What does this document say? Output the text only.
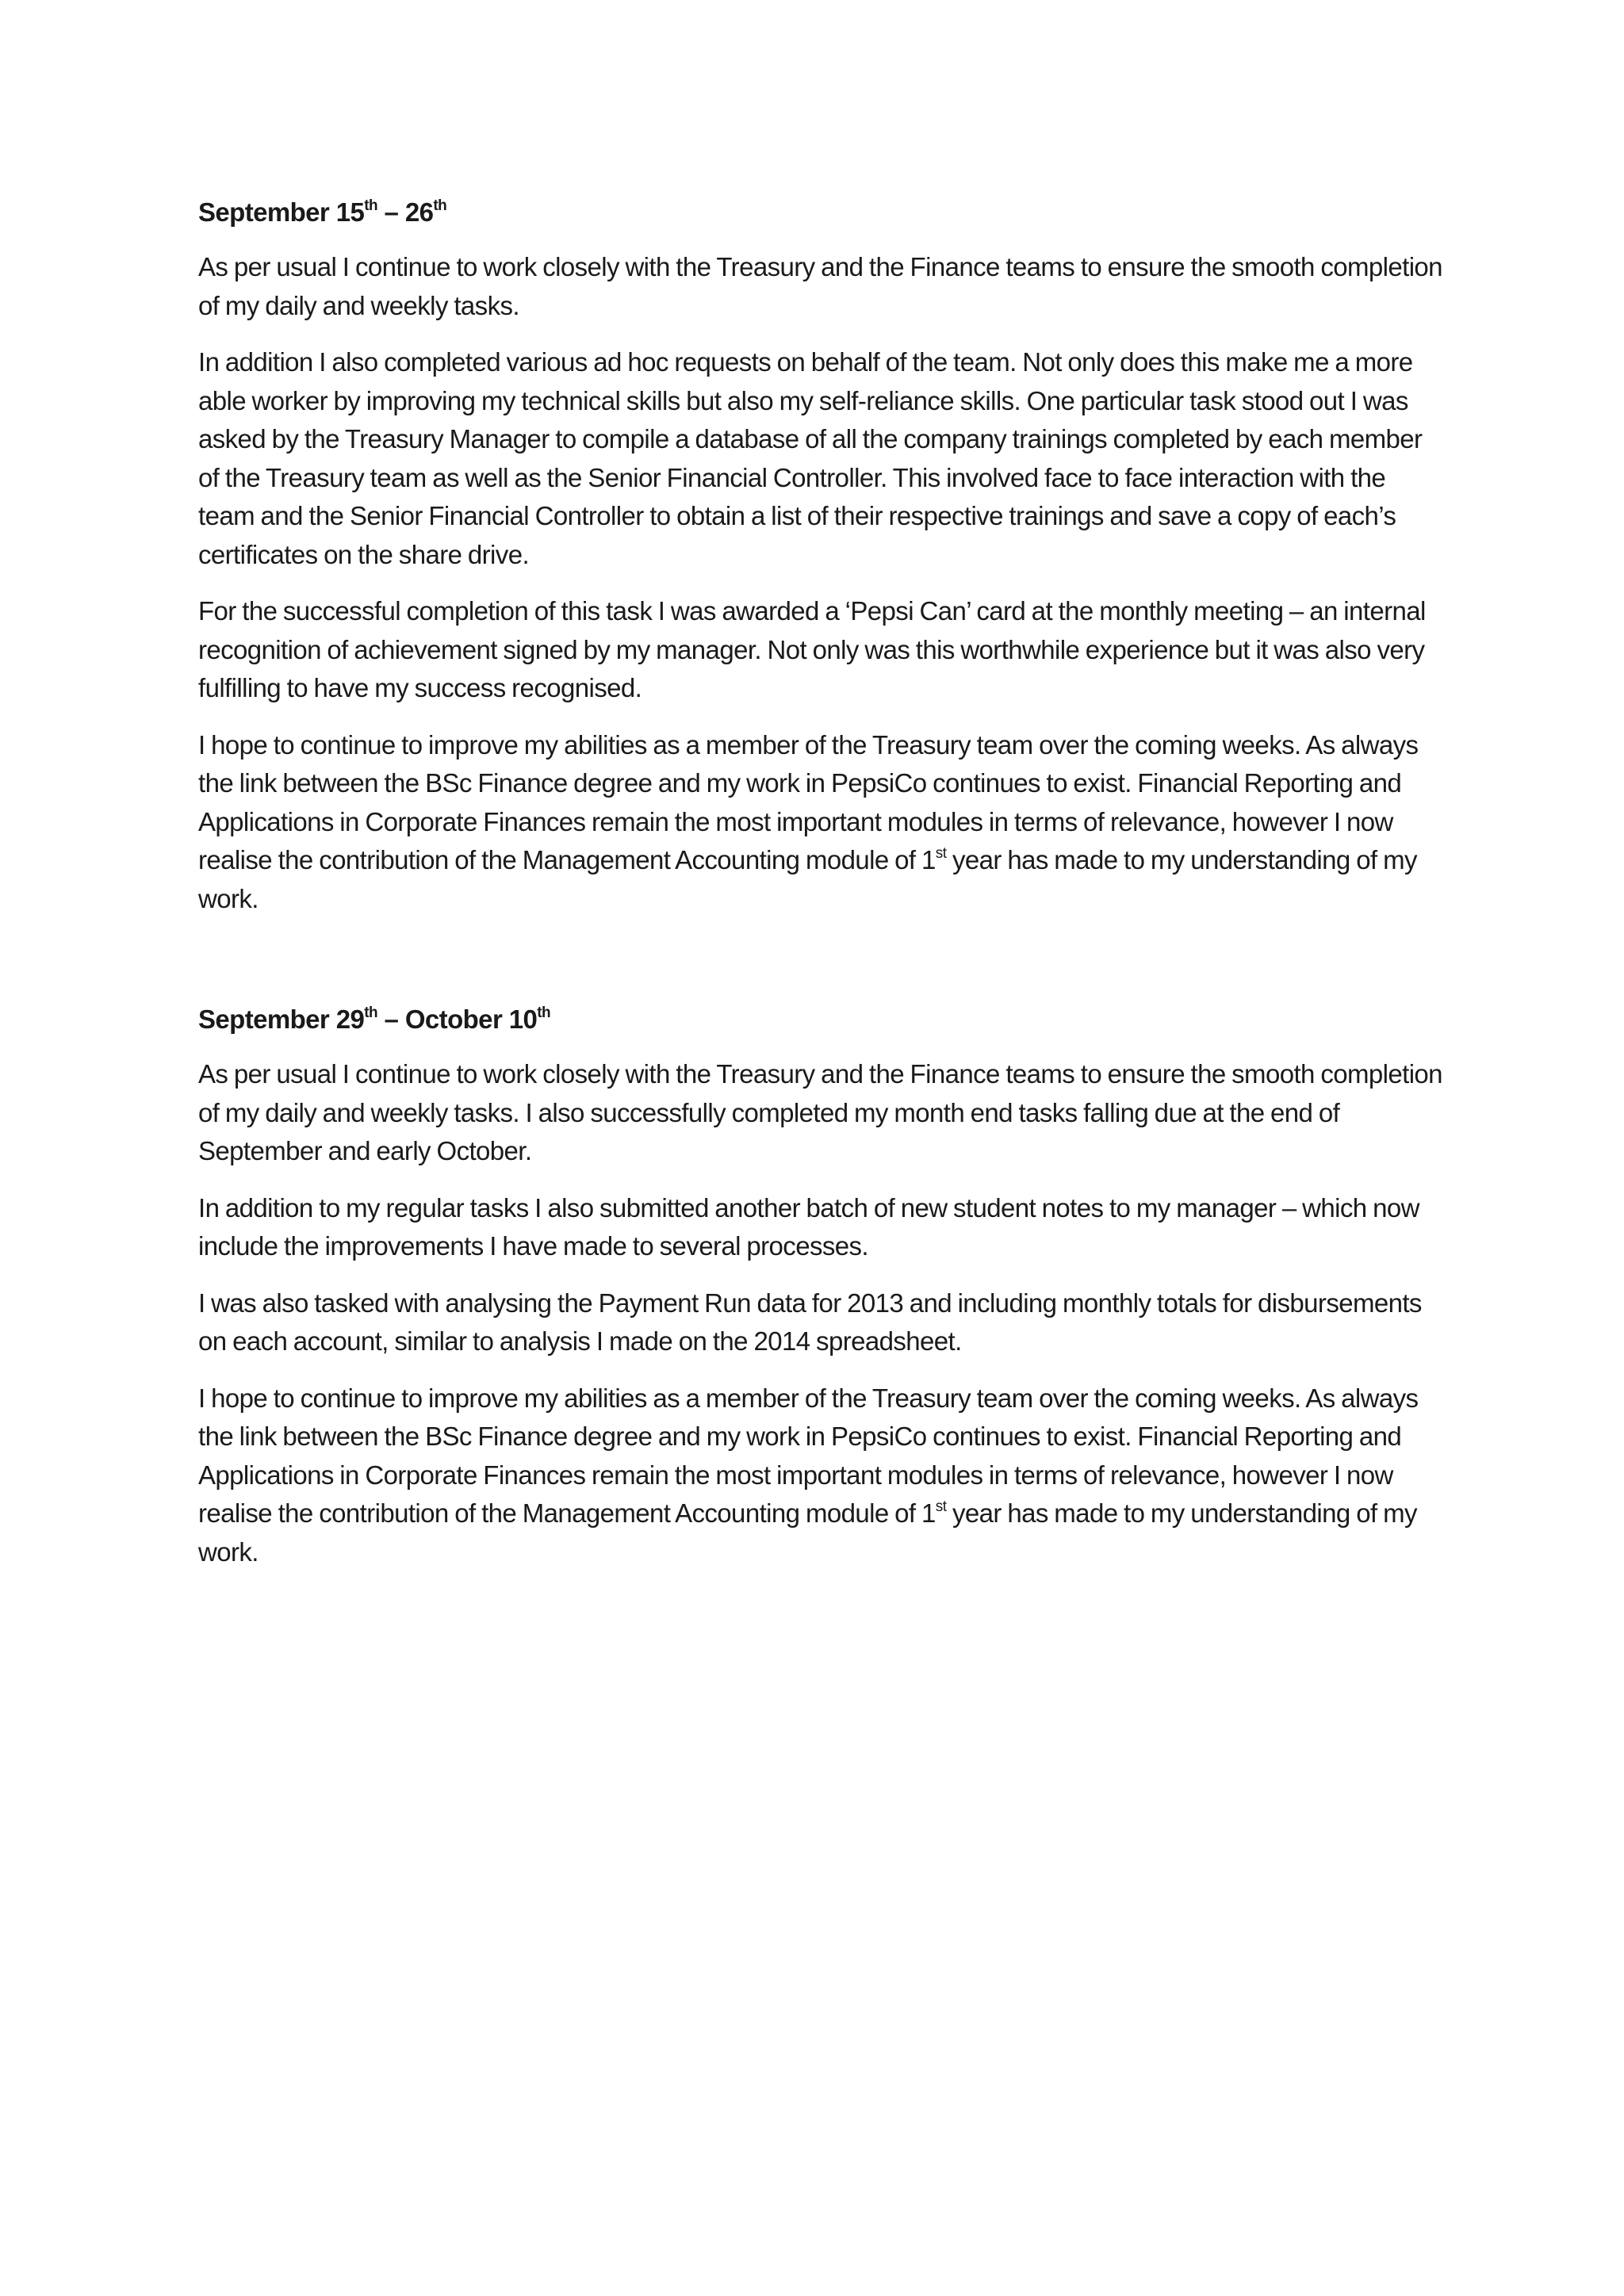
September 15th – 26th

As per usual I continue to work closely with the Treasury and the Finance teams to ensure the smooth completion of my daily and weekly tasks.

In addition I also completed various ad hoc requests on behalf of the team. Not only does this make me a more able worker by improving my technical skills but also my self-reliance skills. One particular task stood out I was asked by the Treasury Manager to compile a database of all the company trainings completed by each member of the Treasury team as well as the Senior Financial Controller. This involved face to face interaction with the team and the Senior Financial Controller to obtain a list of their respective trainings and save a copy of each’s certificates on the share drive.

For the successful completion of this task I was awarded a ‘Pepsi Can’ card at the monthly meeting – an internal recognition of achievement signed by my manager. Not only was this worthwhile experience but it was also very fulfilling to have my success recognised.

I hope to continue to improve my abilities as a member of the Treasury team over the coming weeks. As always the link between the BSc Finance degree and my work in PepsiCo continues to exist. Financial Reporting and Applications in Corporate Finances remain the most important modules in terms of relevance, however I now realise the contribution of the Management Accounting module of 1st year has made to my understanding of my work.

September 29th – October 10th

As per usual I continue to work closely with the Treasury and the Finance teams to ensure the smooth completion of my daily and weekly tasks. I also successfully completed my month end tasks falling due at the end of September and early October.

In addition to my regular tasks I also submitted another batch of new student notes to my manager – which now include the improvements I have made to several processes.

I was also tasked with analysing the Payment Run data for 2013 and including monthly totals for disbursements on each account, similar to analysis I made on the 2014 spreadsheet.

I hope to continue to improve my abilities as a member of the Treasury team over the coming weeks. As always the link between the BSc Finance degree and my work in PepsiCo continues to exist. Financial Reporting and Applications in Corporate Finances remain the most important modules in terms of relevance, however I now realise the contribution of the Management Accounting module of 1st year has made to my understanding of my work.
